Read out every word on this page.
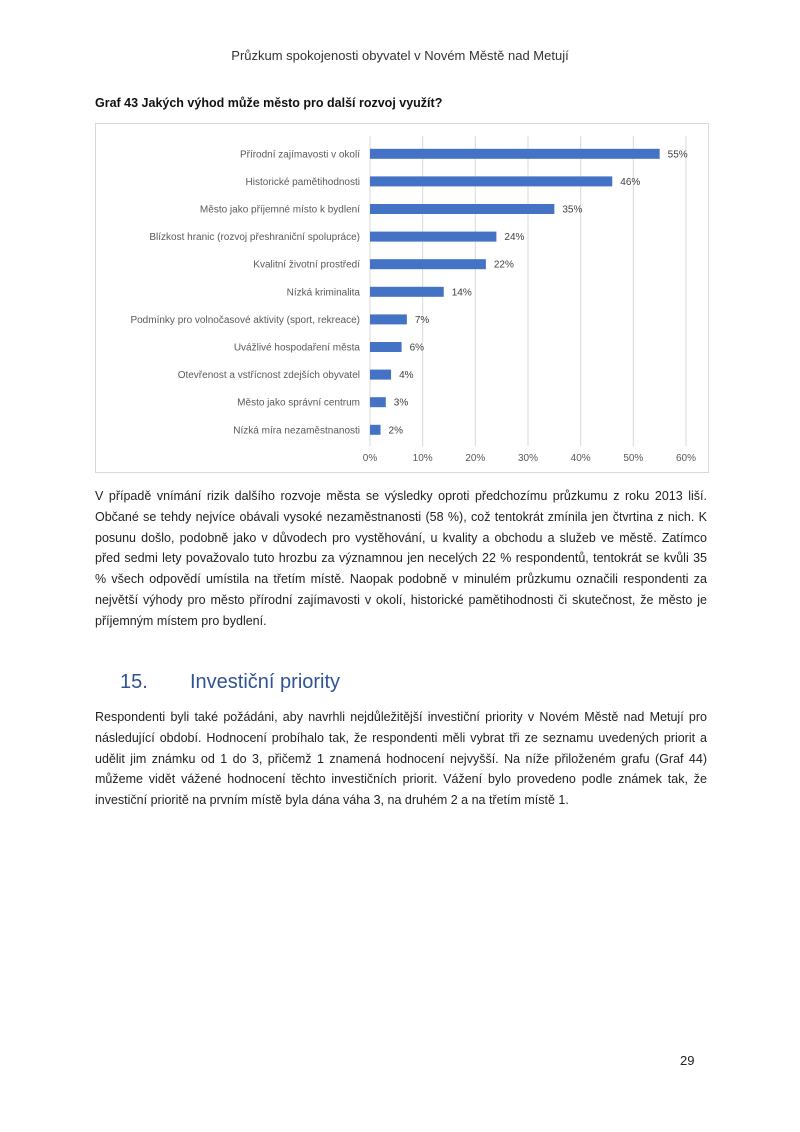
Průzkum spokojenosti obyvatel v Novém Městě nad Metují
Graf 43 Jakých výhod může město pro další rozvoj využít?
0%	10%	20%	30%	40%	50%	60%
Přírodní zajímavosti v okolí	55%
Historické pamětihodnosti	46%
Město jako příjemné místo k bydlení	35%
Blízkost hranic (rozvoj přeshraniční spolupráce)	24%
Kvalitní životní prostředí	22%
Nízká kriminalita	14%
Podmínky pro volnočasové aktivity (sport, rekreace)	7%
Uvážlivé hospodaření města	6%
Otevřenost a vstřícnost zdejších obyvatel	4%
Město jako správní centrum	3%
Nízká míra nezaměstnanosti	2%

V případě vnímání rizik dalšího rozvoje města se výsledky oproti předchozímu průzkumu z roku 2013 liší. Občané se tehdy nejvíce obávali vysoké nezaměstnanosti (58 %), což tentokrát zmínila jen čtvrtina z nich. K posunu došlo, podobně jako v důvodech pro vystěhování, u kvality a obchodu a služeb ve městě. Zatímco před sedmi lety považovalo tuto hrozbu za významnou jen necelých 22 % respondentů, tentokrát se kvůli 35 % všech odpovědí umístila na třetím místě. Naopak podobně v minulém průzkumu označili respondenti za největší výhody pro město přírodní zajímavosti v okolí, historické pamětihodnosti či skutečnost, že město je příjemným místem pro bydlení.

15. Investiční priority

Respondenti byli také požádáni, aby navrhli nejdůležitější investiční priority v Novém Městě nad Metují pro následující období. Hodnocení probíhalo tak, že respondenti měli vybrat tři ze seznamu uvedených priorit a udělit jim známku od 1 do 3, přičemž 1 znamená hodnocení nejvyšší. Na níže přiloženém grafu (Graf 44) můžeme vidět vážené hodnocení těchto investičních priorit. Vážení bylo provedeno podle známek tak, že investiční prioritě na prvním místě byla dána váha 3, na druhém 2 a na třetím místě 1.

29
